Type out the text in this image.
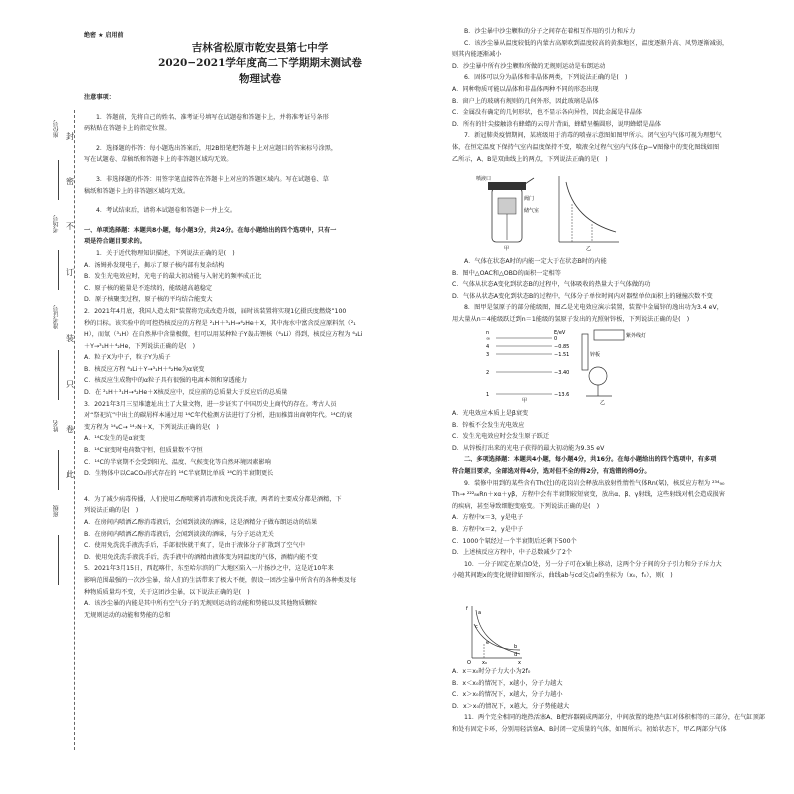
封
密
不
订
装
只
卷
此
座位号
考场号
准考证号
姓名
班级
绝密 ★ 启用前
吉林省松原市乾安县第七中学
2020−2021学年度高二下学期期末测试卷
物理试卷

注意事项：

1．答题前，先将自己的姓名、准考证号填写在试题卷和答题卡上，并将准考证号条形

码粘贴在答题卡上的指定位置。

2．选择题的作答：每小题选出答案后，用2B铅笔把答题卡上对应题目的答案标号涂黑，

写在试题卷、草稿纸和答题卡上的非答题区域均无效。

3．非选择题的作答：用签字笔直接答在答题卡上对应的答题区域内。写在试题卷、草

稿纸和答题卡上的非答题区域均无效。

4．考试结束后，请将本试题卷和答题卡一并上交。

一、单项选择题：本题共8小题，每小题3分，共24分。在每小题给出的四个选项中，只有一

项是符合题目要求的。

1．关于近代物理知识描述，下列说法正确的是(　)

A．汤姆孙发现电子，揭示了原子核内部有复杂结构

B．发生光电效应时，光电子的最大初动能与入射光的频率成正比

C．原子核的能量是不连续的，能级越高越稳定

D．原子核聚变过程，原子核的平均结合能变大

2．2021年4月底，我国人造太阳“装置将完成改造升级，届时该装置将实现1亿摄氏度燃烧”100

秒的目标。该实验中的可控热核反应的方程是 ²₁H＋³₁H→⁴₂He＋X，其中海水中富含反应原料氘（²₁

H），而氚（³₁H）在自然界中含量极微，但可以用某种粒子Y轰击锂核（⁶₃Li）得到，核反应方程为 ⁶₃Li

＋Y→³₁H＋⁴₂He，下列说法正确的是(　)

A．粒子X为中子，粒子Y为质子

B．核反应方程 ⁶₃Li＋Y→³₁H＋⁴₂He为α衰变

C．核反应生成物中的α粒子具有很强的电离本领和穿透能力

D．在 ²₁H＋³₁H→⁴₂He＋X核反应中，反应前的总质量大于反应后的总质量

3．2021年3月三星堆遗址出土了大量文物，进一步证实了中国历史上商代的存在。考古人员

对“祭祀坑”中出土的碳屑样本通过用 ¹⁴C年代检测方法进行了分析，进而推算出商朝年代。¹⁴C的衰

变方程为 ¹⁴₆C→ ¹⁴₇N＋X，下列说法正确的是(　)

A．¹⁴C发生的是α衰变

B．¹⁴C衰变时电荷数守恒，但质量数不守恒

C．¹⁴C的半衰期不会受到阳光、温度、气候变化等自然环境因素影响

D．生物体中以CaCO₃形式存在的 ¹⁴C半衰期比单质 ¹⁴C的半衰期更长

4．为了减少病毒传播，人们使用乙醇喷雾消毒液和免洗洗手液，两者的主要成分都是酒精，下

列说法正确的是(　)

A．在房间内喷洒乙醇消毒液后，会闻到淡淡的酒味，这是酒精分子做布朗运动的结果

B．在房间内喷洒乙醇消毒液后，会闻到淡淡的酒味，与分子运动无关

C．使用免洗洗手液洗手后，手部很快就干爽了，是由于液体分子扩散到了空气中

D．使用免洗洗手液洗手后，洗手液中的酒精由液体变为同温度的气体，酒精内能不变

5．2021年3月15日，西起喀什，东至哈尔滨的广大地区陷入一片扬沙之中，这是近10年来

影响范围最强的一次沙尘暴，给人们的生活带来了极大不便，假设一团沙尘暴中所含有的各种类及每

种物质质量均不变，关于这团沙尘暴，以下说法正确的是(　)

A．该沙尘暴的内能是其中所有空气分子的无规则运动的动能和势能以及其他物质颗粒

无规则运动的动能和势能的总和

B．沙尘暴中沙尘颗粒的分子之间存在着相互作用的引力和斥力

C．该沙尘暴从温度较低的内蒙古高原吹到温度较高的黄淮地区，温度逐渐升高、风势逐渐减弱，

则其内能逐渐减小

D．沙尘暴中所有沙尘颗粒所做的无规则运动是布朗运动

6．固体可以分为晶体和非晶体两类，下列说法正确的是(　)

A．同种物质可能以晶体和非晶体两种不同的形态出现

B．窗户上的玻璃有规则的几何外形，因此玻璃是晶体

C．金属没有确定的几何形状，也不显示各向异性，因此金属是非晶体

D．所有的针尖接触涂有蜂蜡的云母片背面，蜂蜡呈椭圆形，说明蜂蜡是晶体

7．新冠肺炎疫情期间，某班级用于消毒的喷壶示意图如图甲所示。闭气室内气体可视为理想气

体，在恒定温度下保持气室内温度保持不变，喷液全过程气室内气体在p−V图像中的变化图线如图

乙所示，A、B是双曲线上的两点，下列说法正确的是(　)

喷液口
阀门
储气室
甲	乙

A．气体在状态A时的内能一定大于在状态B时的内能

B．图中△OAC和△OBD的面积一定相等

C．气体从状态A变化到状态B的过程中，气体吸收的热量大于气体做的功

D．气体从状态A变化到状态B的过程中，气体分子单位时间内对器壁单位面积上的碰撞次数不变

8．图甲是氢原子的部分能级图，图乙是光电效应演示装置，装置中金属锌的逸出功为3.4 eV，

用大量从n＝4能级跃迁到n＝1能级的氢原子发出的光照射锌板，下列说法正确的是(　)

n	E/eV
∞	0
4	−0.85
3	−1.51
2	−3.40
1	−13.6
紫外线灯
锌板
甲	乙

A．光电效应本质上是β衰变

B．锌板不会发生光电效应

C．发生光电效应时会发生原子跃迁

D．从锌板打出来的光电子获得的最大初动能为9.35 eV

二、多项选择题：本题共4小题，每小题4分，共16分。在每小题给出的四个选项中，有多项

符合题目要求，全部选对得4分，选对但不全的得2分，有选错的得0分。

9．装修中用到的某些含有Th(钍)的花岗岩会释放出放射性惰性气体Rn(氡)，核反应方程为 ²³⁴₉₀

Th→ ²²²₈₆Rn＋xα＋yβ，方程中会有半衰期较短衰变，放出α、β、γ射线，这些射线对机会造成损害

的疾病，甚至导致细胞变癌变。下列说法正确的是(　)

A．方程中x＝3，y是电子

B．方程中x＝2，y是中子

C．1000个氡经过一个半衰期后还剩下500个

D．上述核反应方程中，中子总数减少了2个

10．一分子固定在原点O处，另一分子可在x轴上移动，这两个分子间的分子引力和分子斥力大

小随其间距x的变化规律如图所示，曲线ab与cd交点e的坐标为（x₀，f₀），则(　)

f
a
c
e
b
d
O x₀	x

A．x＝x₀时分子力大小为2f₀

B．x＜x₀的情况下，x越小，分子力越大

C．x＞x₀的情况下，x越大，分子力越小

D．x＞x₀的情况下，x越大，分子势能越大

11．两个完全相同的绝热活塞A、B把容器隔成两部分，中间放置的绝热气缸对体积相等的三部分，在气缸顶部

和处有固定卡环，分别用轻活塞A、B封闭一定质量的气体，如图所示。初始状态下，甲乙两部分气体
